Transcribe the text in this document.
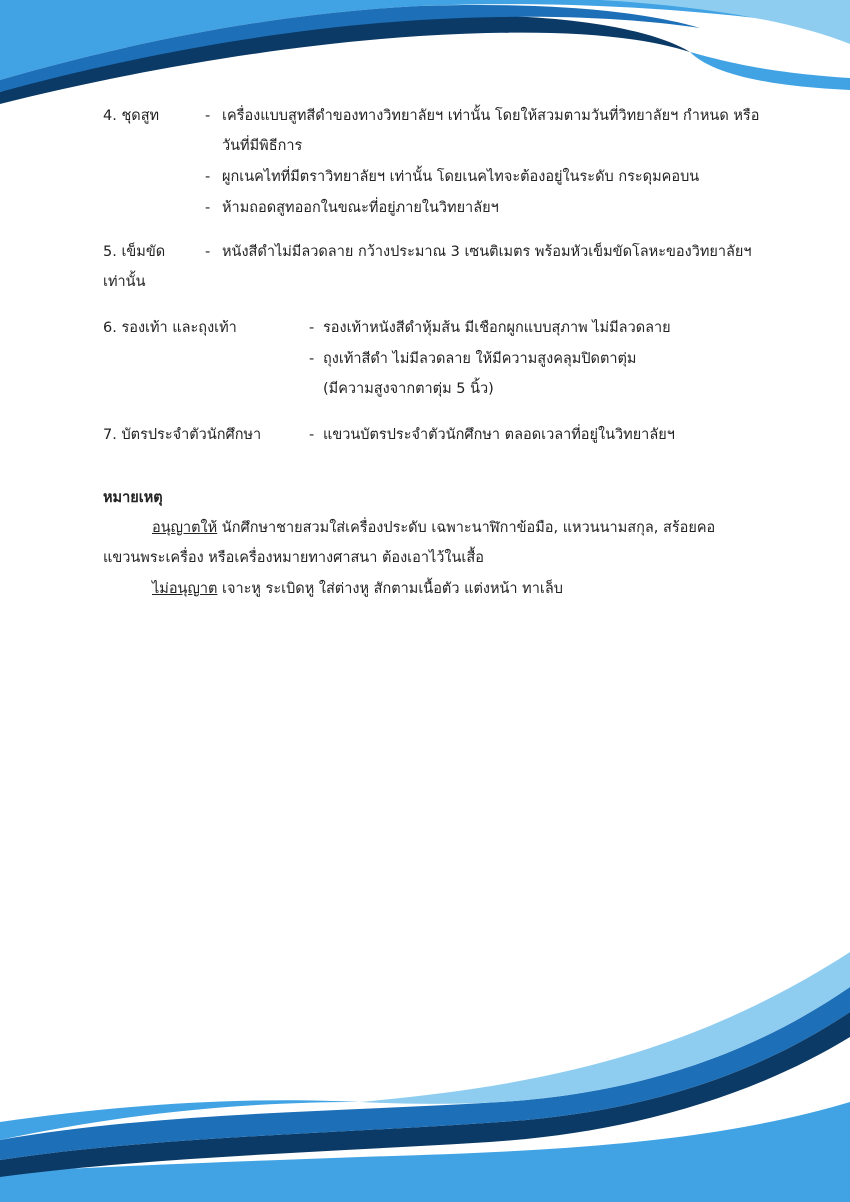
4. ชุดสูท	- เครื่องแบบสูทสีดำของทางวิทยาลัยฯ เท่านั้น โดยให้สวมตามวันที่วิทยาลัยฯ กำหนด หรือ
วันที่มีพิธีการ
- ผูกเนคไทที่มีตราวิทยาลัยฯ เท่านั้น โดยเนคไทจะต้องอยู่ในระดับ กระดุมคอบน
- ห้ามถอดสูทออกในขณะที่อยู่ภายในวิทยาลัยฯ
5. เข็มขัด	- หนังสีดำไม่มีลวดลาย กว้างประมาณ 3 เซนติเมตร พร้อมหัวเข็มขัดโลหะของวิทยาลัยฯ
เท่านั้น
6. รองเท้า และถุงเท้า	- รองเท้าหนังสีดำหุ้มส้น มีเชือกผูกแบบสุภาพ ไม่มีลวดลาย
- ถุงเท้าสีดำ ไม่มีลวดลาย ให้มีความสูงคลุมปิดตาตุ่ม
(มีความสูงจากตาตุ่ม 5 นิ้ว)
7. บัตรประจำตัวนักศึกษา	- แขวนบัตรประจำตัวนักศึกษา ตลอดเวลาที่อยู่ในวิทยาลัยฯ
หมายเหตุ
อนุญาตให้ นักศึกษาชายสวมใส่เครื่องประดับ เฉพาะนาฬิกาข้อมือ, แหวนนามสกุล, สร้อยคอ
แขวนพระเครื่อง หรือเครื่องหมายทางศาสนา ต้องเอาไว้ในเสื้อ
ไม่อนุญาต เจาะหู ระเบิดหู ใส่ต่างหู สักตามเนื้อตัว แต่งหน้า ทาเล็บ
